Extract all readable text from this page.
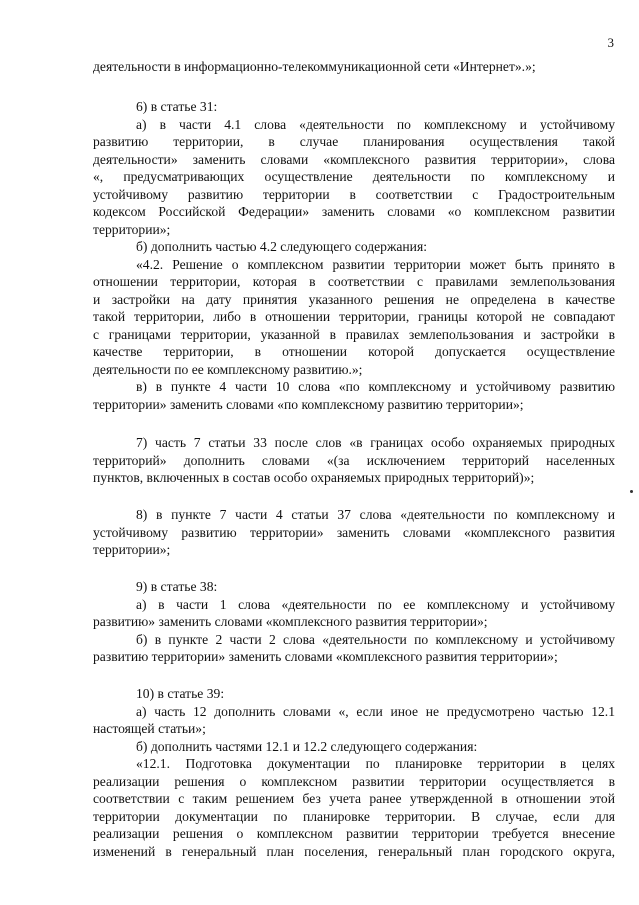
3
деятельности в информационно-телекоммуникационной сети «Интернет».»;
6) в статье 31:
а) в части 4.1 слова «деятельности по комплексному и устойчивому
развитию территории, в случае планирования осуществления такой
деятельности» заменить словами «комплексного развития территории», слова
«, предусматривающих осуществление деятельности по комплексному и
устойчивому развитию территории в соответствии с Градостроительным
кодексом Российской Федерации» заменить словами «о комплексном развитии
территории»;
б) дополнить частью 4.2 следующего содержания:
«4.2. Решение о комплексном развитии территории может быть принято в
отношении территории, которая в соответствии с правилами землепользования
и застройки на дату принятия указанного решения не определена в качестве
такой территории, либо в отношении территории, границы которой не совпадают
с границами территории, указанной в правилах землепользования и застройки в
качестве территории, в отношении которой допускается осуществление
деятельности по ее комплексному развитию.»;
в) в пункте 4 части 10 слова «по комплексному и устойчивому развитию
территории» заменить словами «по комплексному развитию территории»;
7) часть 7 статьи 33 после слов «в границах особо охраняемых природных
территорий» дополнить словами «(за исключением территорий населенных
пунктов, включенных в состав особо охраняемых природных территорий)»;
8) в пункте 7 части 4 статьи 37 слова «деятельности по комплексному и
устойчивому развитию территории» заменить словами «комплексного развития
территории»;
9) в статье 38:
а) в части 1 слова «деятельности по ее комплексному и устойчивому
развитию» заменить словами «комплексного развития территории»;
б) в пункте 2 части 2 слова «деятельности по комплексному и устойчивому
развитию территории» заменить словами «комплексного развития территории»;
10) в статье 39:
а) часть 12 дополнить словами «, если иное не предусмотрено частью 12.1
настоящей статьи»;
б) дополнить частями 12.1 и 12.2 следующего содержания:
«12.1. Подготовка документации по планировке территории в целях
реализации решения о комплексном развитии территории осуществляется в
соответствии с таким решением без учета ранее утвержденной в отношении этой
территории документации по планировке территории. В случае, если для
реализации решения о комплексном развитии территории требуется внесение
изменений в генеральный план поселения, генеральный план городского округа,
